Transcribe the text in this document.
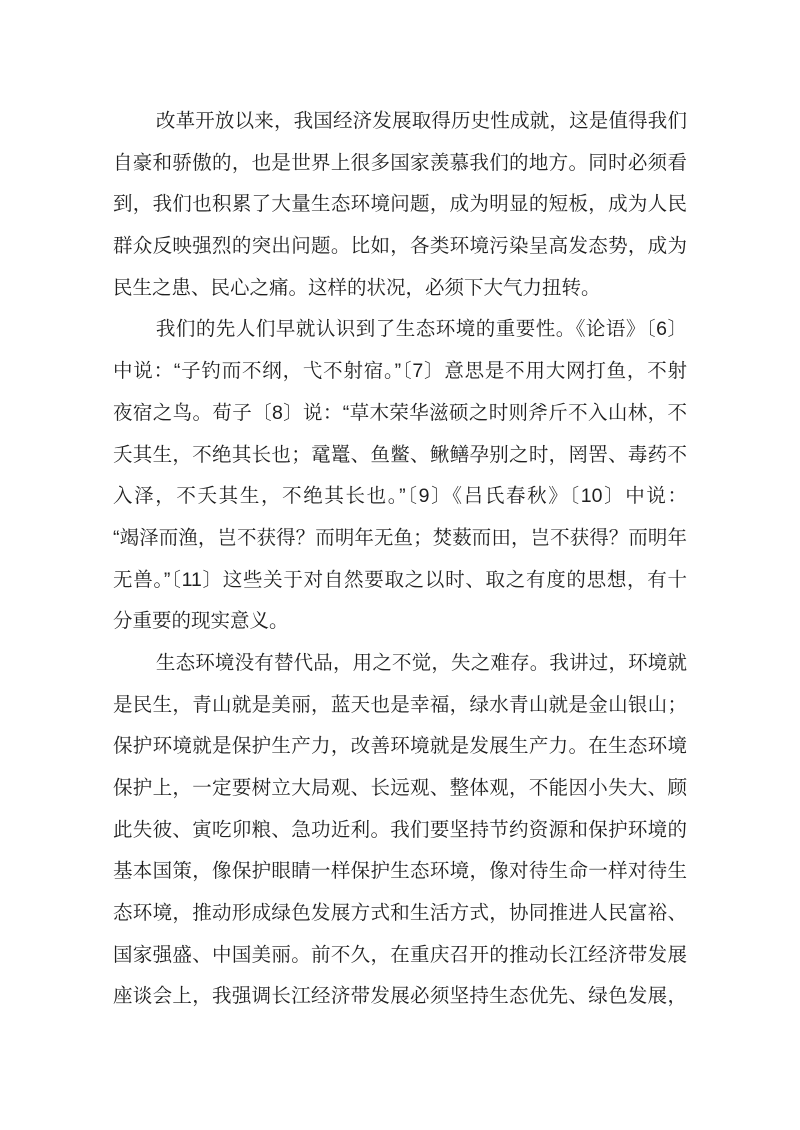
改革开放以来，我国经济发展取得历史性成就，这是值得我们
自豪和骄傲的，也是世界上很多国家羡慕我们的地方。同时必须看
到，我们也积累了大量生态环境问题，成为明显的短板，成为人民
群众反映强烈的突出问题。比如，各类环境污染呈高发态势，成为
民生之患、民心之痛。这样的状况，必须下大气力扭转。
我们的先人们早就认识到了生态环境的重要性。《论语》〔6〕
中说：“子钓而不纲，弋不射宿。”〔7〕意思是不用大网打鱼，不射
夜宿之鸟。荀子〔8〕说：“草木荣华滋硕之时则斧斤不入山林，不
夭其生，不绝其长也；鼋鼍、鱼鳖、鳅鳝孕别之时，罔罟、毒药不
入泽，不夭其生，不绝其长也。”〔9〕《吕氏春秋》〔10〕中说：
“竭泽而渔，岂不获得？而明年无鱼；焚薮而田，岂不获得？而明年
无兽。”〔11〕这些关于对自然要取之以时、取之有度的思想，有十
分重要的现实意义。
生态环境没有替代品，用之不觉，失之难存。我讲过，环境就
是民生，青山就是美丽，蓝天也是幸福，绿水青山就是金山银山；
保护环境就是保护生产力，改善环境就是发展生产力。在生态环境
保护上，一定要树立大局观、长远观、整体观，不能因小失大、顾
此失彼、寅吃卯粮、急功近利。我们要坚持节约资源和保护环境的
基本国策，像保护眼睛一样保护生态环境，像对待生命一样对待生
态环境，推动形成绿色发展方式和生活方式，协同推进人民富裕、
国家强盛、中国美丽。前不久，在重庆召开的推动长江经济带发展
座谈会上，我强调长江经济带发展必须坚持生态优先、绿色发展，
